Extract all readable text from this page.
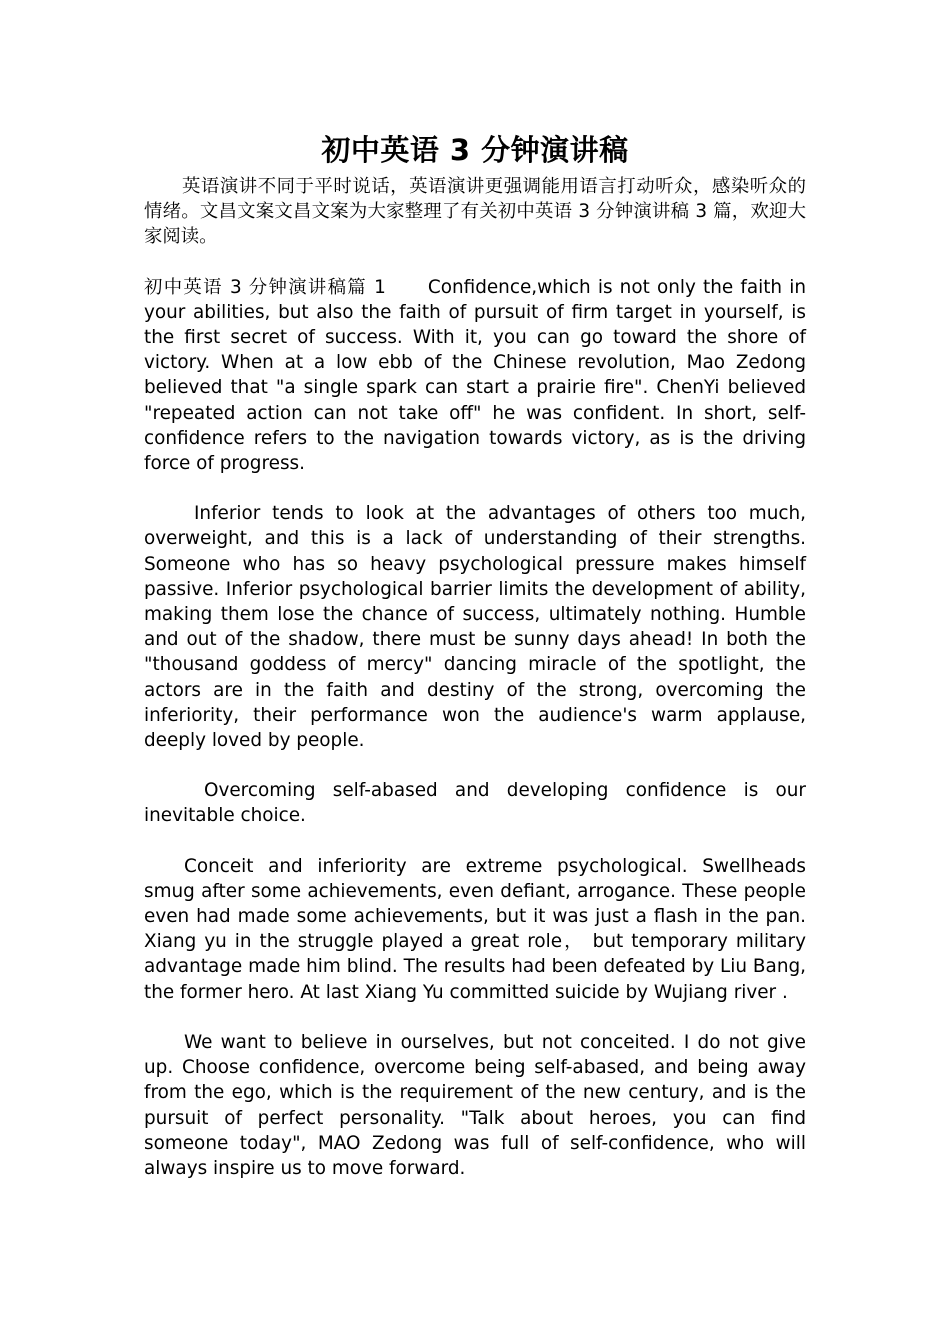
初中英语 3 分钟演讲稿

英语演讲不同于平时说话，英语演讲更强调能用语言打动听众，感染听众的情绪。文昌文案文昌文案为大家整理了有关初中英语 3 分钟演讲稿 3 篇，欢迎大家阅读。

初中英语 3 分钟演讲稿篇 1 Confidence,which is not only the faith in your abilities, but also the faith of pursuit of firm target in yourself, is the first secret of success. With it, you can go toward the shore of victory. When at a low ebb of the Chinese revolution, Mao Zedong believed that "a single spark can start a prairie fire". ChenYi believed "repeated action can not take off" he was confident. In short, self-confidence refers to the navigation towards victory, as is the driving force of progress.

Inferior tends to look at the advantages of others too much, overweight, and this is a lack of understanding of their strengths. Someone who has so heavy psychological pressure makes himself passive. Inferior psychological barrier limits the development of ability, making them lose the chance of success, ultimately nothing. Humble and out of the shadow, there must be sunny days ahead! In both the "thousand goddess of mercy" dancing miracle of the spotlight, the actors are in the faith and destiny of the strong, overcoming the inferiority, their performance won the audience's warm applause, deeply loved by people.

Overcoming self-abased and developing confidence is our inevitable choice.

Conceit and inferiority are extreme psychological. Swellheads smug after some achievements, even defiant, arrogance. These people even had made some achievements, but it was just a flash in the pan. Xiang yu in the struggle played a great role， but temporary military advantage made him blind. The results had been defeated by Liu Bang, the former hero. At last Xiang Yu committed suicide by Wujiang river .

We want to believe in ourselves, but not conceited. I do not give up. Choose confidence, overcome being self-abased, and being away from the ego, which is the requirement of the new century, and is the pursuit of perfect personality. "Talk about heroes, you can find someone today", MAO Zedong was full of self-confidence, who will always inspire us to move forward.
